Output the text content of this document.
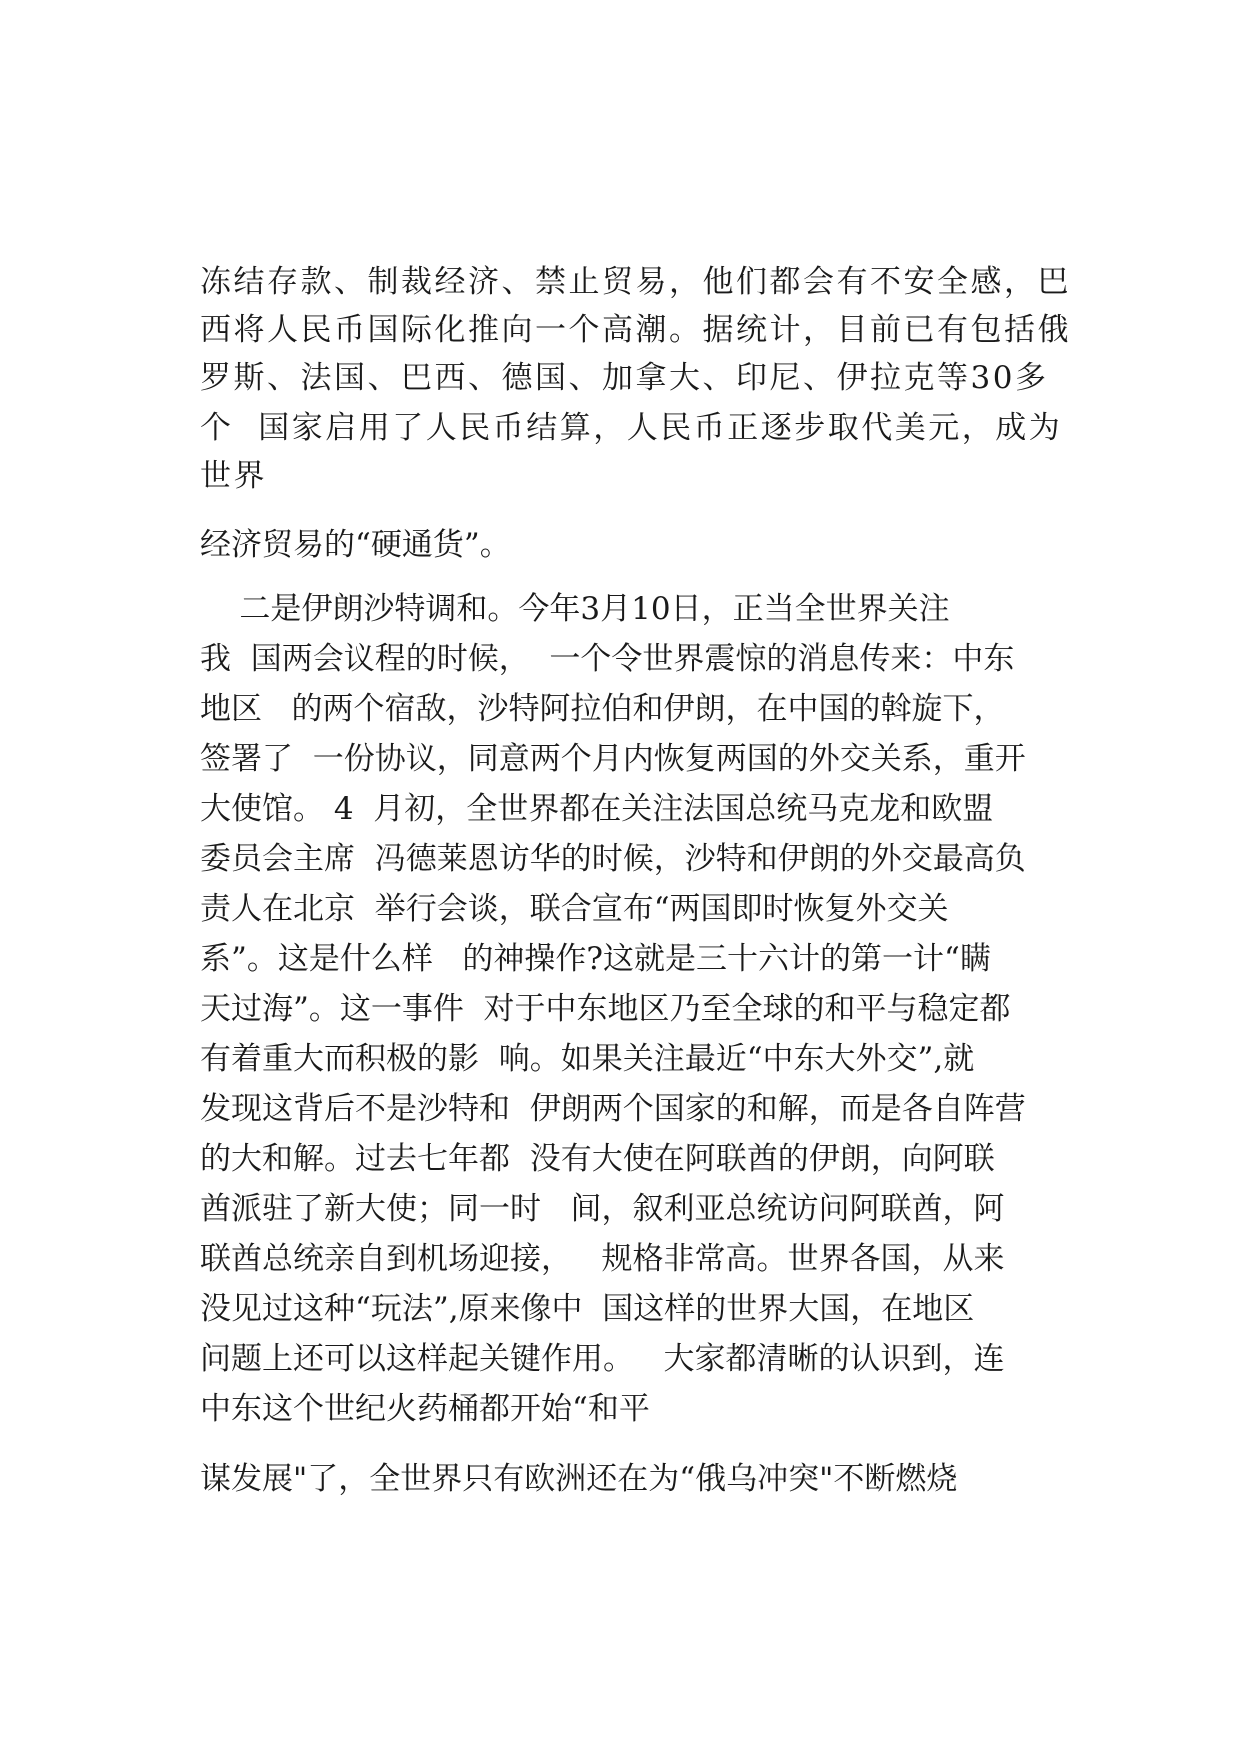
冻结存款、制裁经济、禁止贸易，他们都会有不安全感，巴

西将人民币国际化推向一个高潮。据统计，目前已有包括俄

罗斯、法国、巴西、德国、加拿大、印尼、伊拉克等30多

个  国家启用了人民币结算，人民币正逐步取代美元，成为

世界

经济贸易的“硬通货”。

二是伊朗沙特调和。今年3月10日，正当全世界关注

我  国两会议程的时候，  一个令世界震惊的消息传来：中东

地区   的两个宿敌，沙特阿拉伯和伊朗，在中国的斡旋下，

签署了  一份协议，同意两个月内恢复两国的外交关系，重开

大使馆。 4  月初，全世界都在关注法国总统马克龙和欧盟

委员会主席  冯德莱恩访华的时候，沙特和伊朗的外交最高负

责人在北京  举行会谈，联合宣布“两国即时恢复外交关

系”。这是什么样   的神操作?这就是三十六计的第一计“瞒

天过海”。这一事件  对于中东地区乃至全球的和平与稳定都

有着重大而积极的影  响。如果关注最近“中东大外交”,就

发现这背后不是沙特和  伊朗两个国家的和解，而是各自阵营

的大和解。过去七年都  没有大使在阿联酋的伊朗，向阿联

酋派驻了新大使；同一时   间，叙利亚总统访问阿联酋，阿

联酋总统亲自到机场迎接，   规格非常高。世界各国，从来

没见过这种“玩法”,原来像中  国这样的世界大国，在地区

问题上还可以这样起关键作用。   大家都清晰的认识到，连

中东这个世纪火药桶都开始“和平

谋发展"了，全世界只有欧洲还在为“俄乌冲突"不断燃烧
